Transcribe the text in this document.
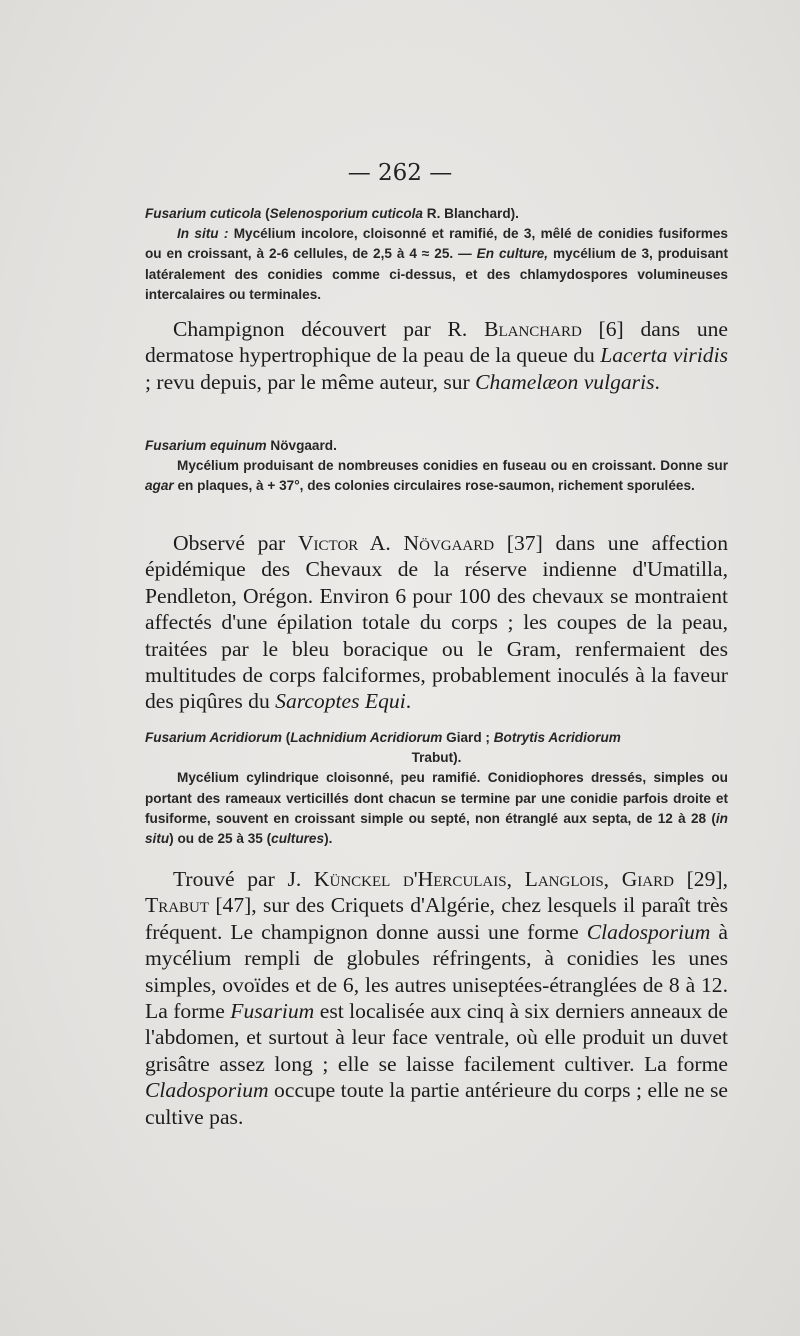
— 262 —

Fusarium cuticola (Selenosporium cuticola R. Blanchard).

In situ : Mycélium incolore, cloisonné et ramifié, de 3, mêlé de conidies fusiformes ou en croissant, à 2-6 cellules, de 2,5 à 4 ≈ 25. — En culture, mycélium de 3, produisant latéralement des conidies comme ci-dessus, et des chlamydospores volumineuses intercalaires ou terminales.

Champignon découvert par R. Blanchard [6] dans une dermatose hypertrophique de la peau de la queue du Lacerta viridis ; revu depuis, par le même auteur, sur Chamelæon vulgaris.

Fusarium equinum Növgaard.

Mycélium produisant de nombreuses conidies en fuseau ou en croissant. Donne sur agar en plaques, à + 37°, des colonies circulaires rose-saumon, richement sporulées.

Observé par Victor A. Növgaard [37] dans une affection épidémique des Chevaux de la réserve indienne d'Umatilla, Pendleton, Orégon. Environ 6 pour 100 des chevaux se montraient affectés d'une épilation totale du corps ; les coupes de la peau, traitées par le bleu boracique ou le Gram, renfermaient des multitudes de corps falciformes, probablement inoculés à la faveur des piqûres du Sarcoptes Equi.

Fusarium Acridiorum (Lachnidium Acridiorum Giard ; Botrytis Acridiorum

Trabut).

Mycélium cylindrique cloisonné, peu ramifié. Conidiophores dressés, simples ou portant des rameaux verticillés dont chacun se termine par une conidie parfois droite et fusiforme, souvent en croissant simple ou septé, non étranglé aux septa, de 12 à 28 (in situ) ou de 25 à 35 (cultures).

Trouvé par J. Künckel d'Herculais, Langlois, Giard [29], Trabut [47], sur des Criquets d'Algérie, chez lesquels il paraît très fréquent. Le champignon donne aussi une forme Cladosporium à mycélium rempli de globules réfringents, à conidies les unes simples, ovoïdes et de 6, les autres uniseptées-étranglées de 8 à 12. La forme Fusarium est localisée aux cinq à six derniers anneaux de l'abdomen, et surtout à leur face ventrale, où elle produit un duvet grisâtre assez long ; elle se laisse facilement cultiver. La forme Cladosporium occupe toute la partie antérieure du corps ; elle ne se cultive pas.
